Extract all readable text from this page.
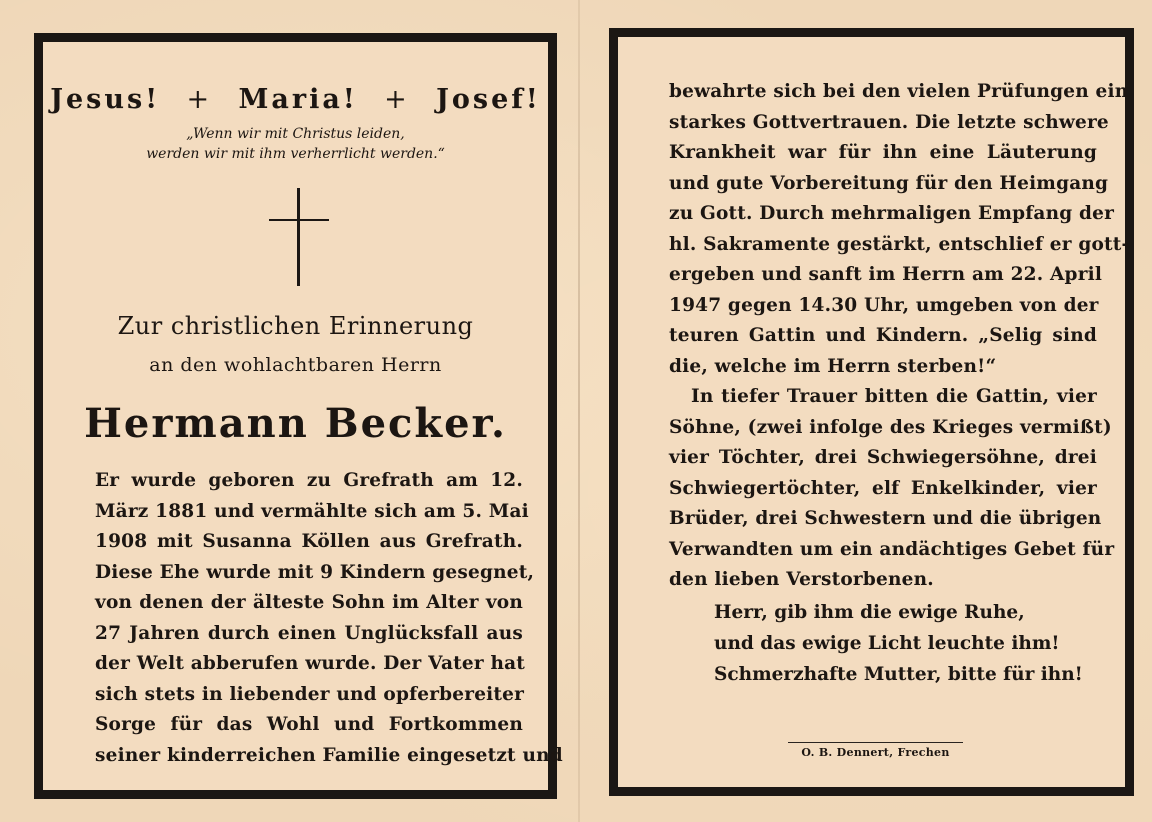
Jesus! + Maria! + Josef!
„Wenn wir mit Christus leiden,
werden wir mit ihm verherrlicht werden.“
Zur christlichen Erinnerung
an den wohlachtbaren Herrn
Hermann Becker.
Er wurde geboren zu Grefrath am 12.
März 1881 und vermählte sich am 5. Mai
1908 mit Susanna Köllen aus Grefrath.
Diese Ehe wurde mit 9 Kindern gesegnet,
von denen der älteste Sohn im Alter von
27 Jahren durch einen Unglücksfall aus
der Welt abberufen wurde. Der Vater hat
sich stets in liebender und opferbereiter
Sorge für das Wohl und Fortkommen
seiner kinderreichen Familie eingesetzt und
bewahrte sich bei den vielen Prüfungen ein
starkes Gottvertrauen. Die letzte schwere
Krankheit war für ihn eine Läuterung
und gute Vorbereitung für den Heimgang
zu Gott. Durch mehrmaligen Empfang der
hl. Sakramente gestärkt, entschlief er gott-
ergeben und sanft im Herrn am 22. April
1947 gegen 14.30 Uhr, umgeben von der
teuren Gattin und Kindern. „Selig sind
die, welche im Herrn sterben!“
In tiefer Trauer bitten die Gattin, vier
Söhne, (zwei infolge des Krieges vermißt)
vier Töchter, drei Schwiegersöhne, drei
Schwiegertöchter, elf Enkelkinder, vier
Brüder, drei Schwestern und die übrigen
Verwandten um ein andächtiges Gebet für
den lieben Verstorbenen.
Herr, gib ihm die ewige Ruhe,
und das ewige Licht leuchte ihm!
Schmerzhafte Mutter, bitte für ihn!
O. B. Dennert, Frechen
